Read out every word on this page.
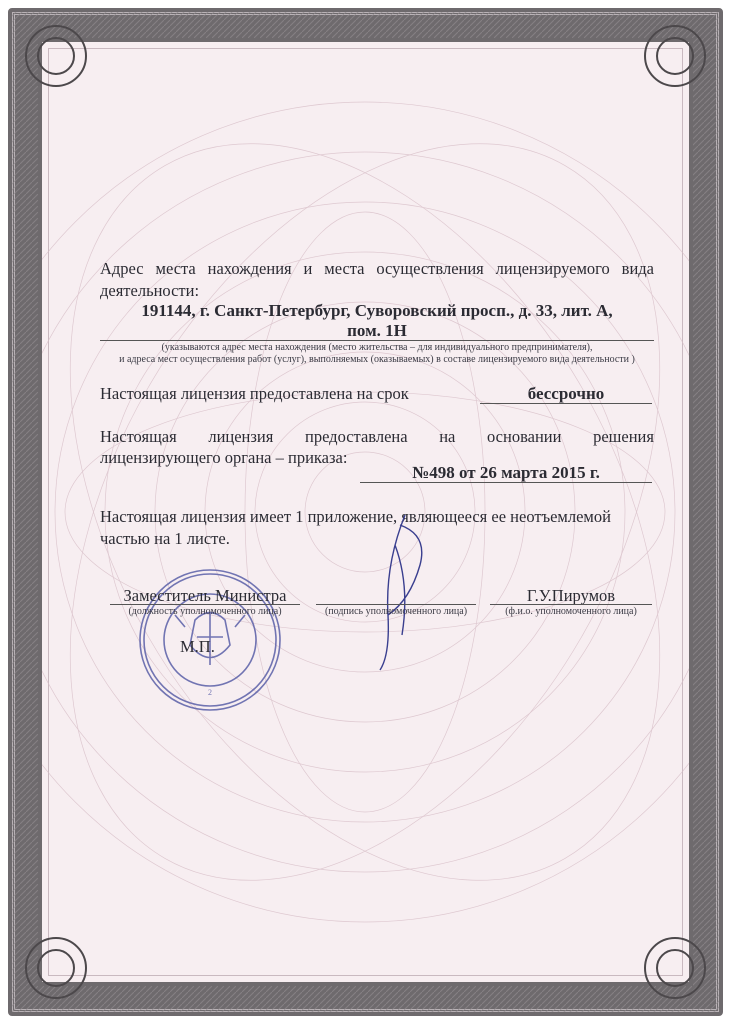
Адрес места нахождения и места осуществления лицензируемого вида
деятельности:
191144, г. Санкт-Петербург, Суворовский просп., д. 33, лит. А,
пом. 1Н
(указываются адрес места нахождения (место жительства – для индивидуального предпринимателя),
и адреса мест осуществления работ (услуг), выполняемых (оказываемых) в составе лицензируемого вида деятельности )
Настоящая лицензия предоставлена на срок	бессрочно
Настоящая лицензия предоставлена на основании решения
лицензирующего органа – приказа:
№498 от 26 марта 2015 г.
Настоящая лицензия имеет 1 приложение, являющееся ее неотъемлемой
частью на 1 листе.
2
Заместитель Министра
(должность уполномоченного лица)	(подпись уполномоченного лица)
Г.У.Пирумов
(ф.и.о. уполномоченного лица)
М.П.
